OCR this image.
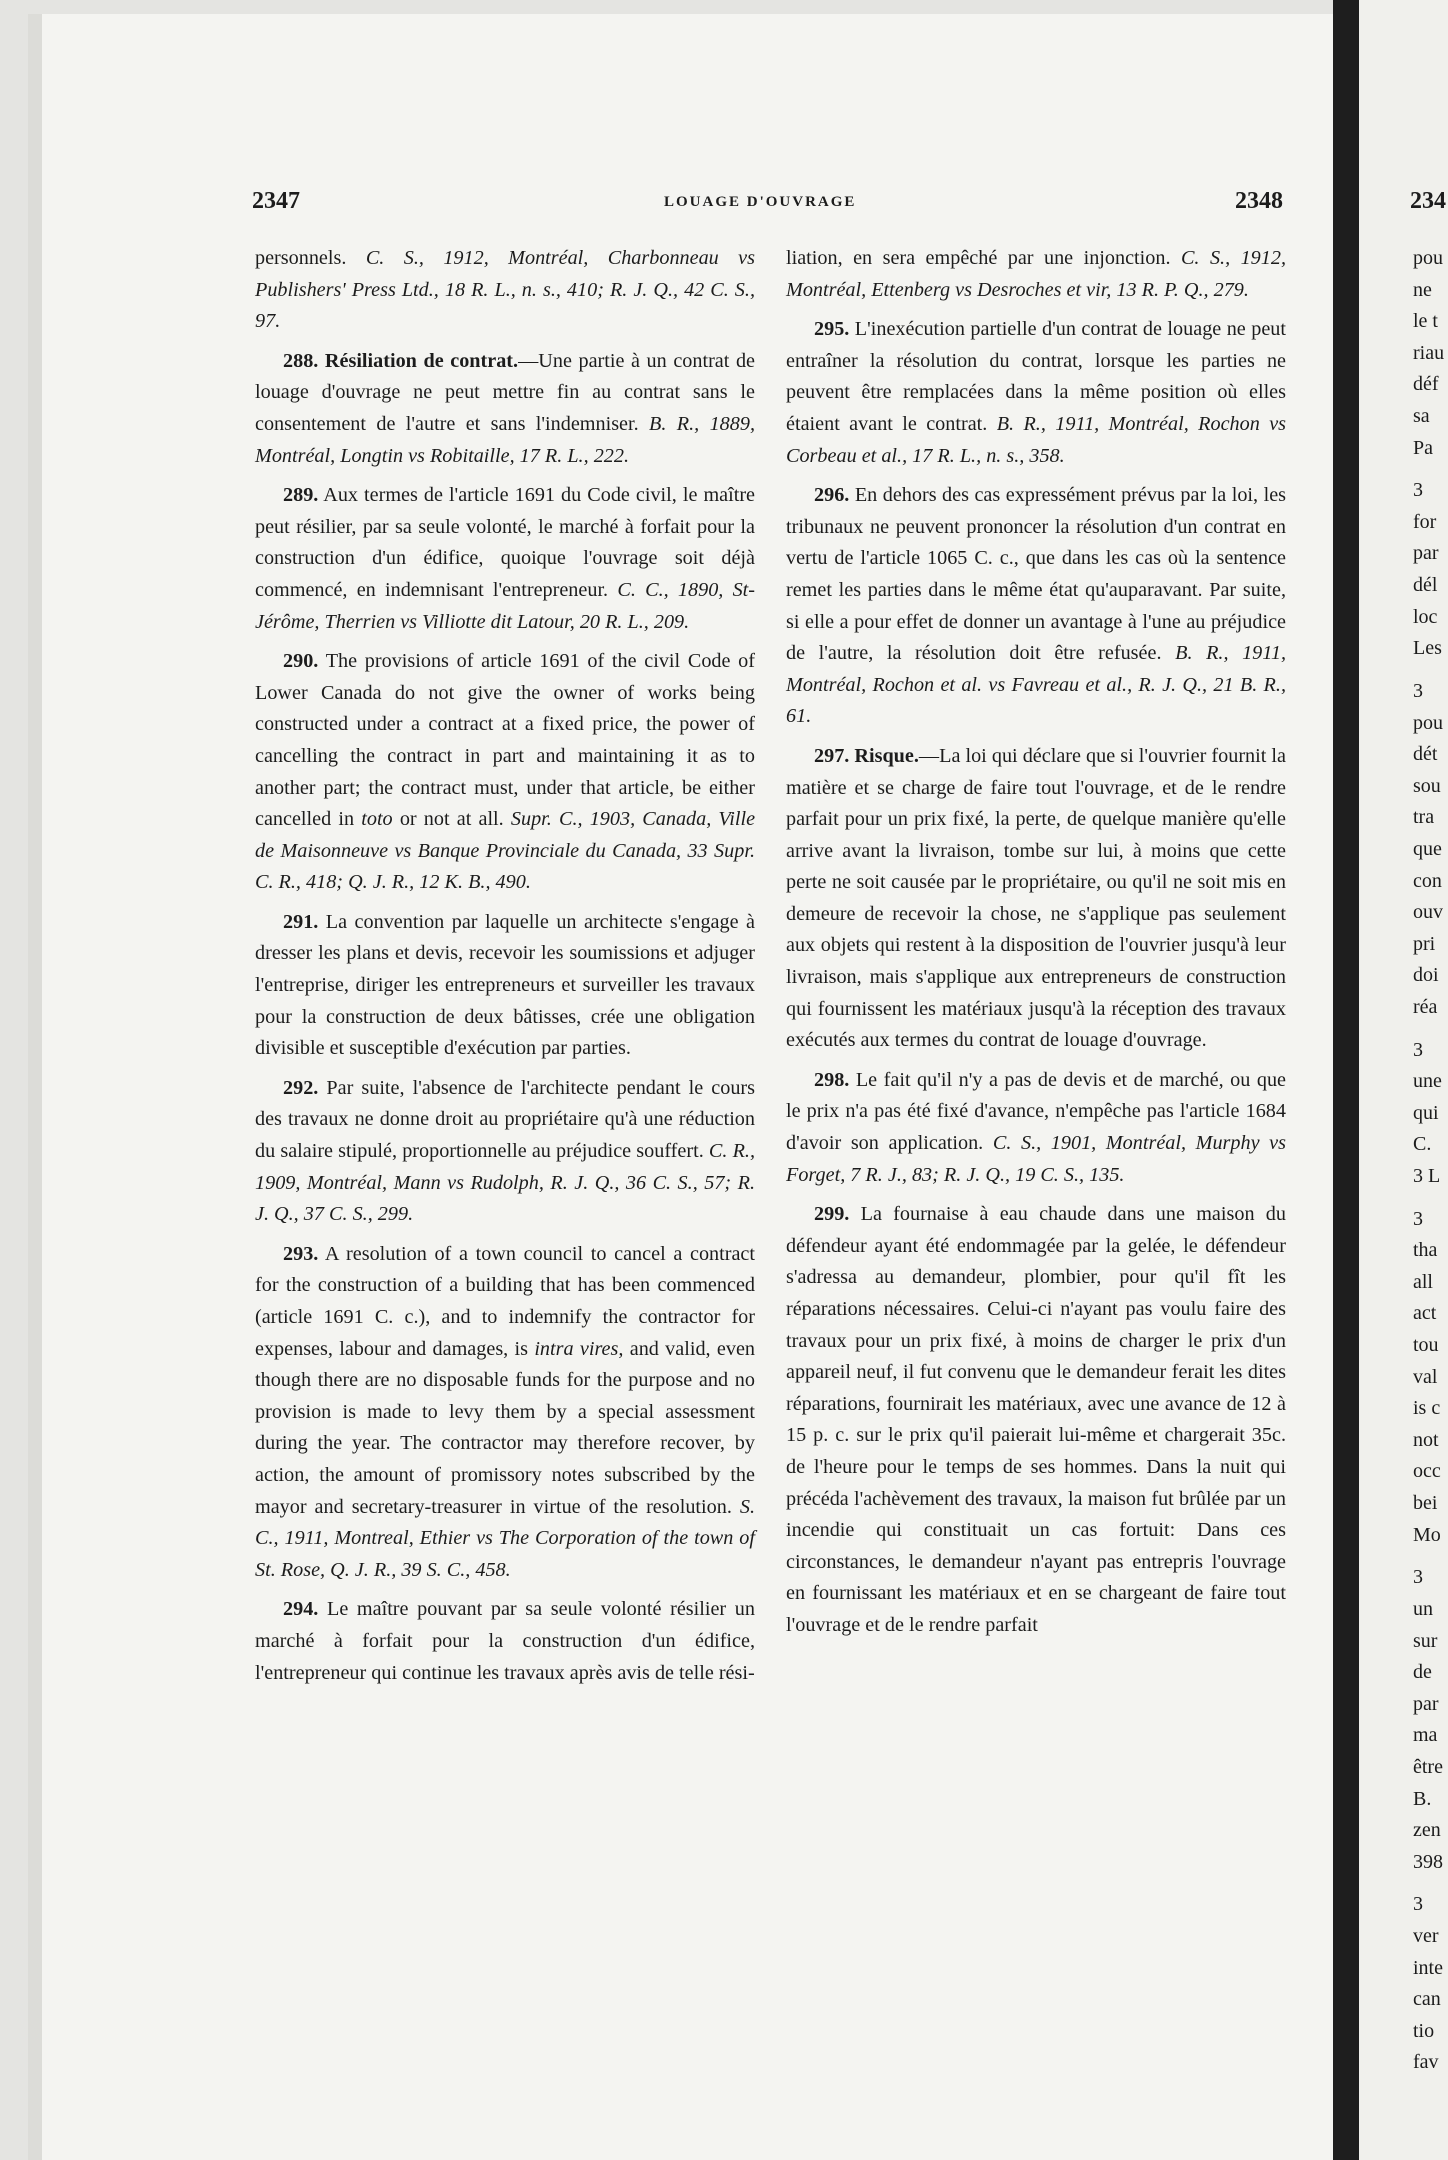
2347	LOUAGE D'OUVRAGE	2348	234

personnels. C. S., 1912, Montréal, Charbonneau vs Publishers' Press Ltd., 18 R. L., n. s., 410; R. J. Q., 42 C. S., 97.

288. Résiliation de contrat.—Une partie à un contrat de louage d'ouvrage ne peut mettre fin au contrat sans le consentement de l'autre et sans l'indemniser. B. R., 1889, Montréal, Longtin vs Robitaille, 17 R. L., 222.

289. Aux termes de l'article 1691 du Code civil, le maître peut résilier, par sa seule volonté, le marché à forfait pour la construction d'un édifice, quoique l'ouvrage soit déjà commencé, en indemnisant l'entrepreneur. C. C., 1890, St-Jérôme, Therrien vs Villiotte dit Latour, 20 R. L., 209.

290. The provisions of article 1691 of the civil Code of Lower Canada do not give the owner of works being constructed under a contract at a fixed price, the power of cancelling the contract in part and maintaining it as to another part; the contract must, under that article, be either cancelled in toto or not at all. Supr. C., 1903, Canada, Ville de Maisonneuve vs Banque Provinciale du Canada, 33 Supr. C. R., 418; Q. J. R., 12 K. B., 490.

291. La convention par laquelle un architecte s'engage à dresser les plans et devis, recevoir les soumissions et adjuger l'entreprise, diriger les entrepreneurs et surveiller les travaux pour la construction de deux bâtisses, crée une obligation divisible et susceptible d'exécution par parties.

292. Par suite, l'absence de l'architecte pendant le cours des travaux ne donne droit au propriétaire qu'à une réduction du salaire stipulé, proportionnelle au préjudice souffert. C. R., 1909, Montréal, Mann vs Rudolph, R. J. Q., 36 C. S., 57; R. J. Q., 37 C. S., 299.

293. A resolution of a town council to cancel a contract for the construction of a building that has been commenced (article 1691 C. c.), and to indemnify the contractor for expenses, labour and damages, is intra vires, and valid, even though there are no disposable funds for the purpose and no provision is made to levy them by a special assessment during the year. The contractor may therefore recover, by action, the amount of promissory notes subscribed by the mayor and secretary-treasurer in virtue of the resolution. S. C., 1911, Montreal, Ethier vs The Corporation of the town of St. Rose, Q. J. R., 39 S. C., 458.

294. Le maître pouvant par sa seule volonté résilier un marché à forfait pour la construction d'un édifice, l'entrepreneur qui continue les travaux après avis de telle rési-

liation, en sera empêché par une injonction. C. S., 1912, Montréal, Ettenberg vs Desroches et vir, 13 R. P. Q., 279.

295. L'inexécution partielle d'un contrat de louage ne peut entraîner la résolution du contrat, lorsque les parties ne peuvent être remplacées dans la même position où elles étaient avant le contrat. B. R., 1911, Montréal, Rochon vs Corbeau et al., 17 R. L., n. s., 358.

296. En dehors des cas expressément prévus par la loi, les tribunaux ne peuvent prononcer la résolution d'un contrat en vertu de l'article 1065 C. c., que dans les cas où la sentence remet les parties dans le même état qu'auparavant. Par suite, si elle a pour effet de donner un avantage à l'une au préjudice de l'autre, la résolution doit être refusée. B. R., 1911, Montréal, Rochon et al. vs Favreau et al., R. J. Q., 21 B. R., 61.

297. Risque.—La loi qui déclare que si l'ouvrier fournit la matière et se charge de faire tout l'ouvrage, et de le rendre parfait pour un prix fixé, la perte, de quelque manière qu'elle arrive avant la livraison, tombe sur lui, à moins que cette perte ne soit causée par le propriétaire, ou qu'il ne soit mis en demeure de recevoir la chose, ne s'applique pas seulement aux objets qui restent à la disposition de l'ouvrier jusqu'à leur livraison, mais s'applique aux entrepreneurs de construction qui fournissent les matériaux jusqu'à la réception des travaux exécutés aux termes du contrat de louage d'ouvrage.

298. Le fait qu'il n'y a pas de devis et de marché, ou que le prix n'a pas été fixé d'avance, n'empêche pas l'article 1684 d'avoir son application. C. S., 1901, Montréal, Murphy vs Forget, 7 R. J., 83; R. J. Q., 19 C. S., 135.

299. La fournaise à eau chaude dans une maison du défendeur ayant été endommagée par la gelée, le défendeur s'adressa au demandeur, plombier, pour qu'il fît les réparations nécessaires. Celui-ci n'ayant pas voulu faire des travaux pour un prix fixé, à moins de charger le prix d'un appareil neuf, il fut convenu que le demandeur ferait les dites réparations, fournirait les matériaux, avec une avance de 12 à 15 p. c. sur le prix qu'il paierait lui-même et chargerait 35c. de l'heure pour le temps de ses hommes. Dans la nuit qui précéda l'achèvement des travaux, la maison fut brûlée par un incendie qui constituait un cas fortuit: Dans ces circonstances, le demandeur n'ayant pas entrepris l'ouvrage en fournissant les matériaux et en se chargeant de faire tout l'ouvrage et de le rendre parfait

pou
ne
le t
riau
déf
sa
Pa
3
for
par
dél
loc
Les
3
pou
dét
sou
tra
que
con
ouv
pri
doi
réa
3
une
qui
C.
3 L
3
tha
all
act
tou
val
is c
not
occ
bei
Mo
3
un
sur
de
par
ma
être
B.
zen
398
3
ver
inte
can
tio
fav
